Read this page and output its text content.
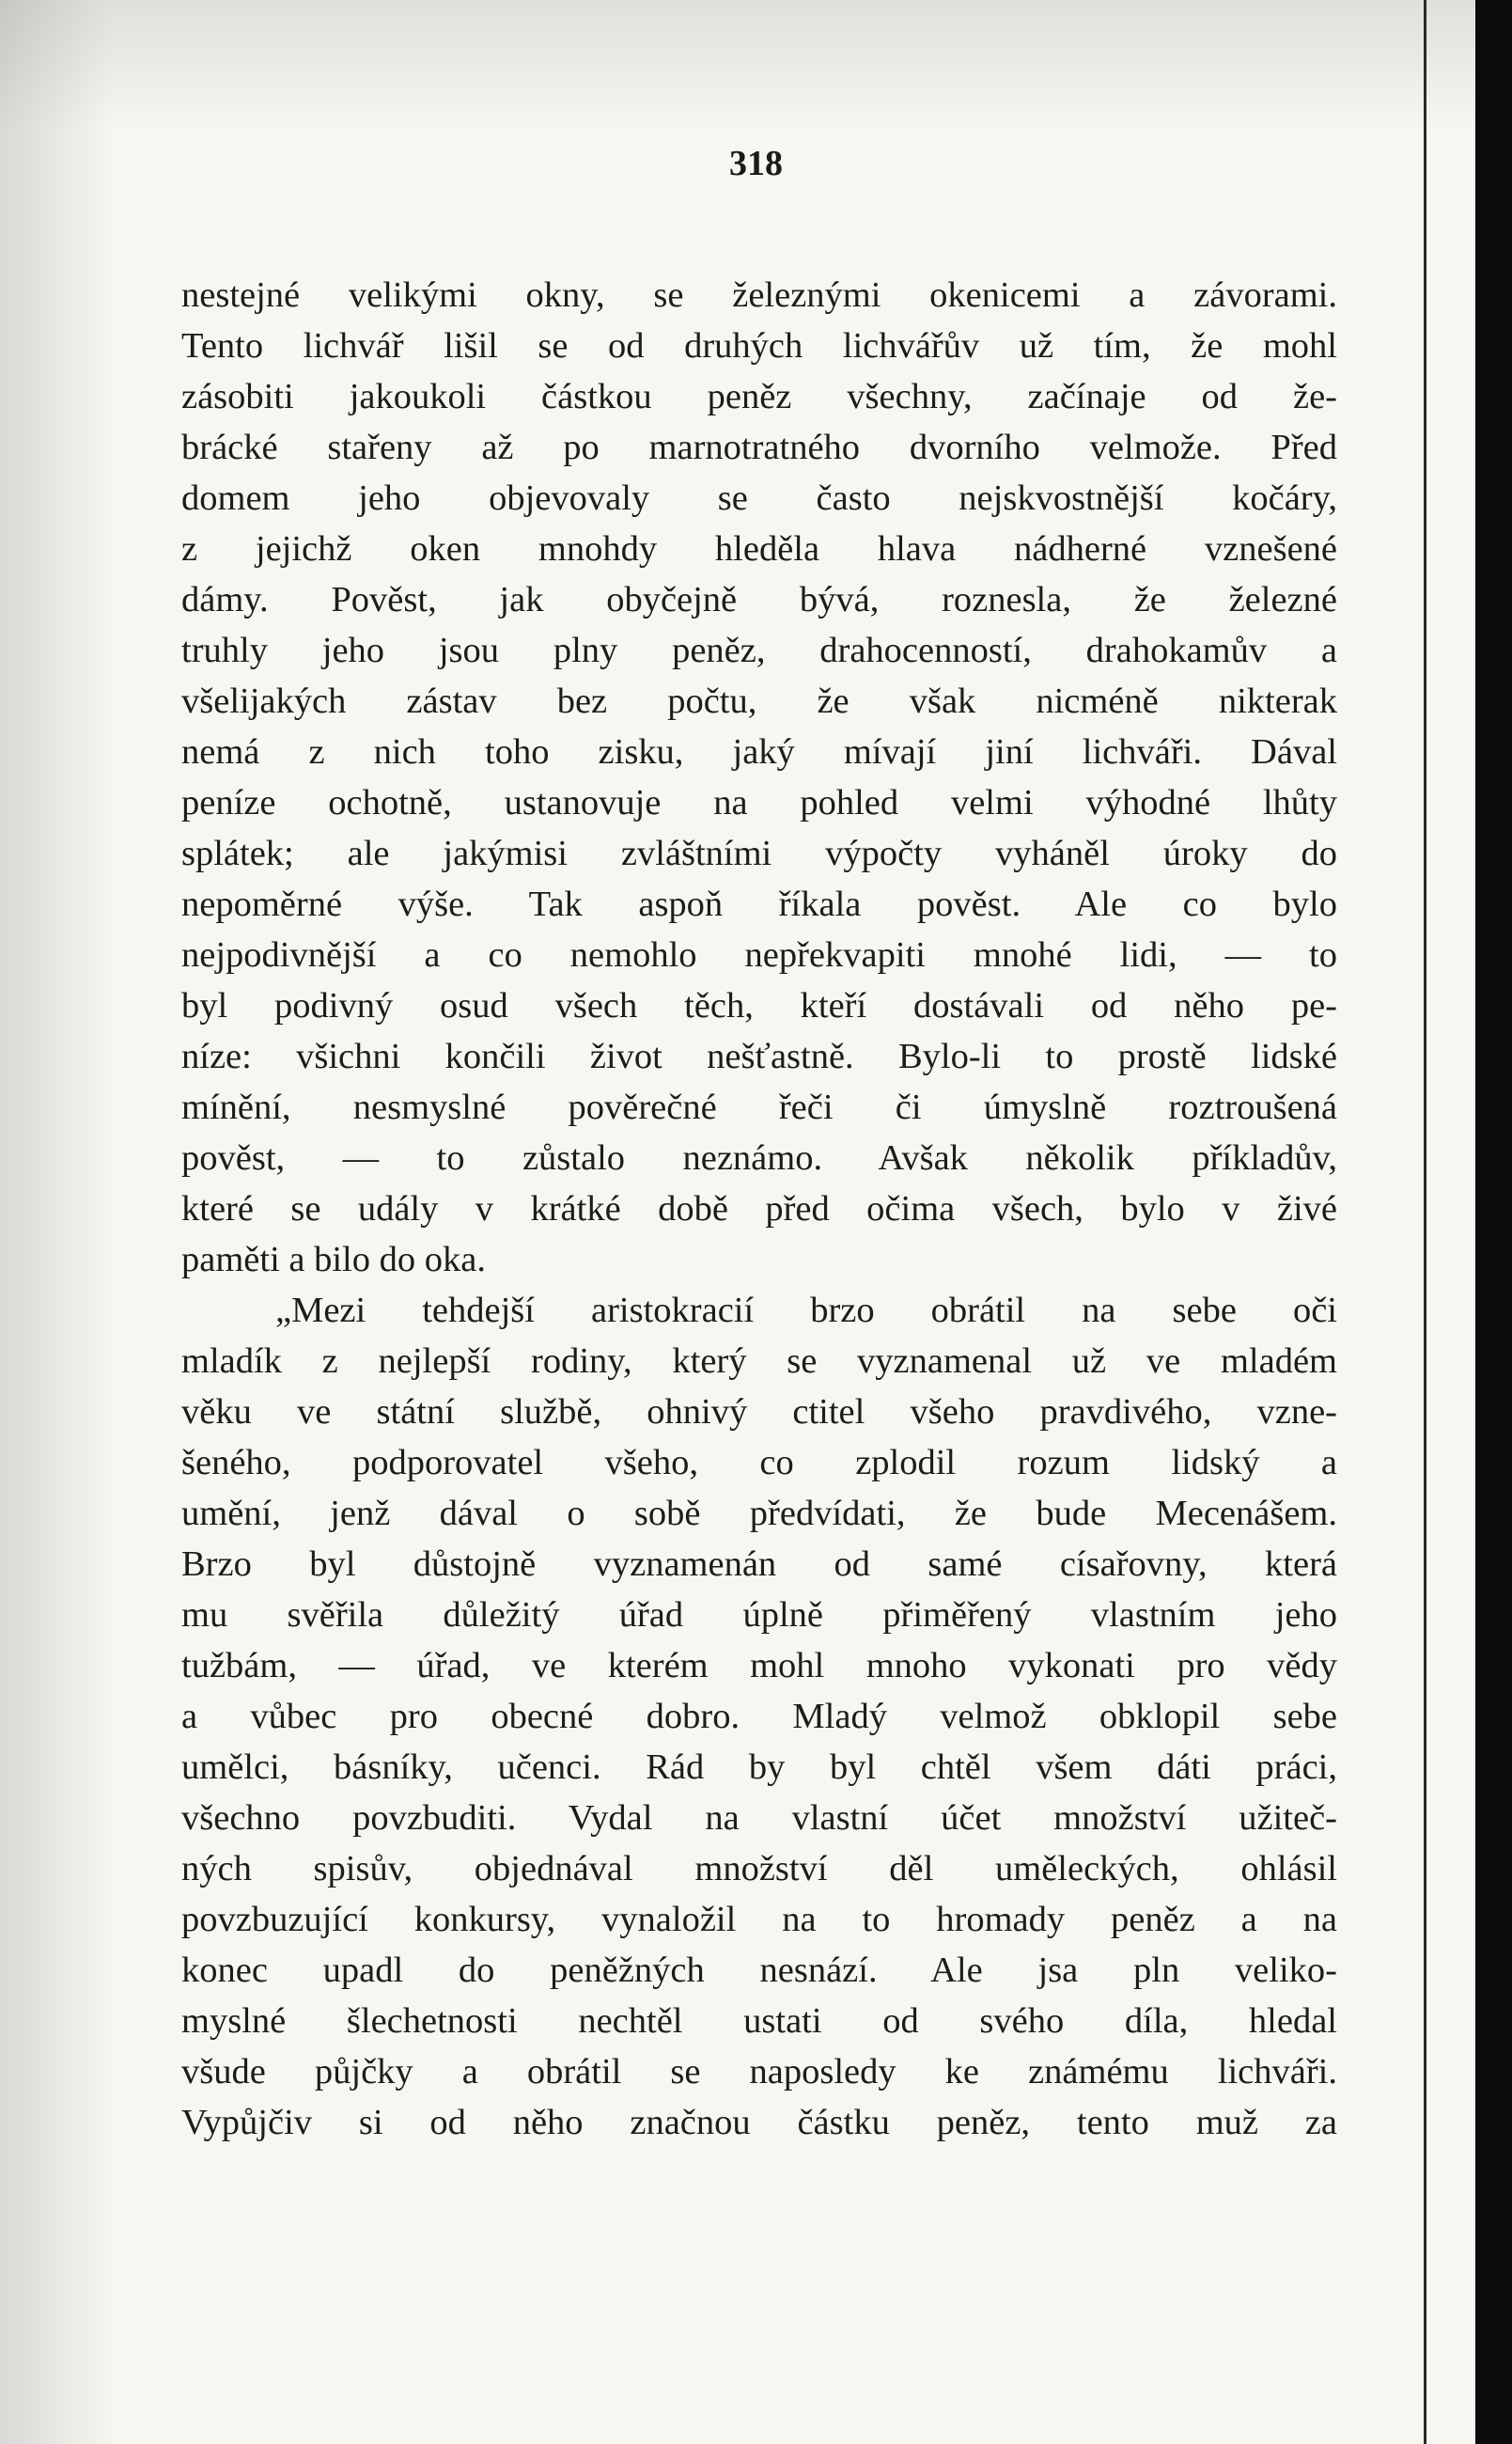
318
nestejné velikými okny, se železnými okenicemi a závorami.
Tento lichvář lišil se od druhých lichvářův už tím, že mohl
zásobiti jakoukoli částkou peněz všechny, začínaje od že-
brácké stařeny až po marnotratného dvorního velmože. Před
domem jeho objevovaly se často nejskvostnější kočáry,
z jejichž oken mnohdy hleděla hlava nádherné vznešené
dámy. Pověst, jak obyčejně bývá, roznesla, že železné
truhly jeho jsou plny peněz, drahocenností, drahokamův a
všelijakých zástav bez počtu, že však nicméně nikterak
nemá z nich toho zisku, jaký mívají jiní lichváři. Dával
peníze ochotně, ustanovuje na pohled velmi výhodné lhůty
splátek; ale jakýmisi zvláštními výpočty vyháněl úroky do
nepoměrné výše. Tak aspoň říkala pověst. Ale co bylo
nejpodivnější a co nemohlo nepřekvapiti mnohé lidi, — to
byl podivný osud všech těch, kteří dostávali od něho pe-
níze: všichni končili život nešťastně. Bylo-li to prostě lidské
mínění, nesmyslné pověrečné řeči či úmyslně roztroušená
pověst, — to zůstalo neznámo. Avšak několik příkladův,
které se udály v krátké době před očima všech, bylo v živé
paměti a bilo do oka.
„Mezi tehdejší aristokracií brzo obrátil na sebe oči
mladík z nejlepší rodiny, který se vyznamenal už ve mladém
věku ve státní službě, ohnivý ctitel všeho pravdivého, vzne-
šeného, podporovatel všeho, co zplodil rozum lidský a
umění, jenž dával o sobě předvídati, že bude Mecenášem.
Brzo byl důstojně vyznamenán od samé císařovny, která
mu svěřila důležitý úřad úplně přiměřený vlastním jeho
tužbám, — úřad, ve kterém mohl mnoho vykonati pro vědy
a vůbec pro obecné dobro. Mladý velmož obklopil sebe
umělci, básníky, učenci. Rád by byl chtěl všem dáti práci,
všechno povzbuditi. Vydal na vlastní účet množství užiteč-
ných spisův, objednával množství děl uměleckých, ohlásil
povzbuzující konkursy, vynaložil na to hromady peněz a na
konec upadl do peněžných nesnází. Ale jsa pln veliko-
myslné šlechetnosti nechtěl ustati od svého díla, hledal
všude půjčky a obrátil se naposledy ke známému lichváři.
Vypůjčiv si od něho značnou částku peněz, tento muž za
